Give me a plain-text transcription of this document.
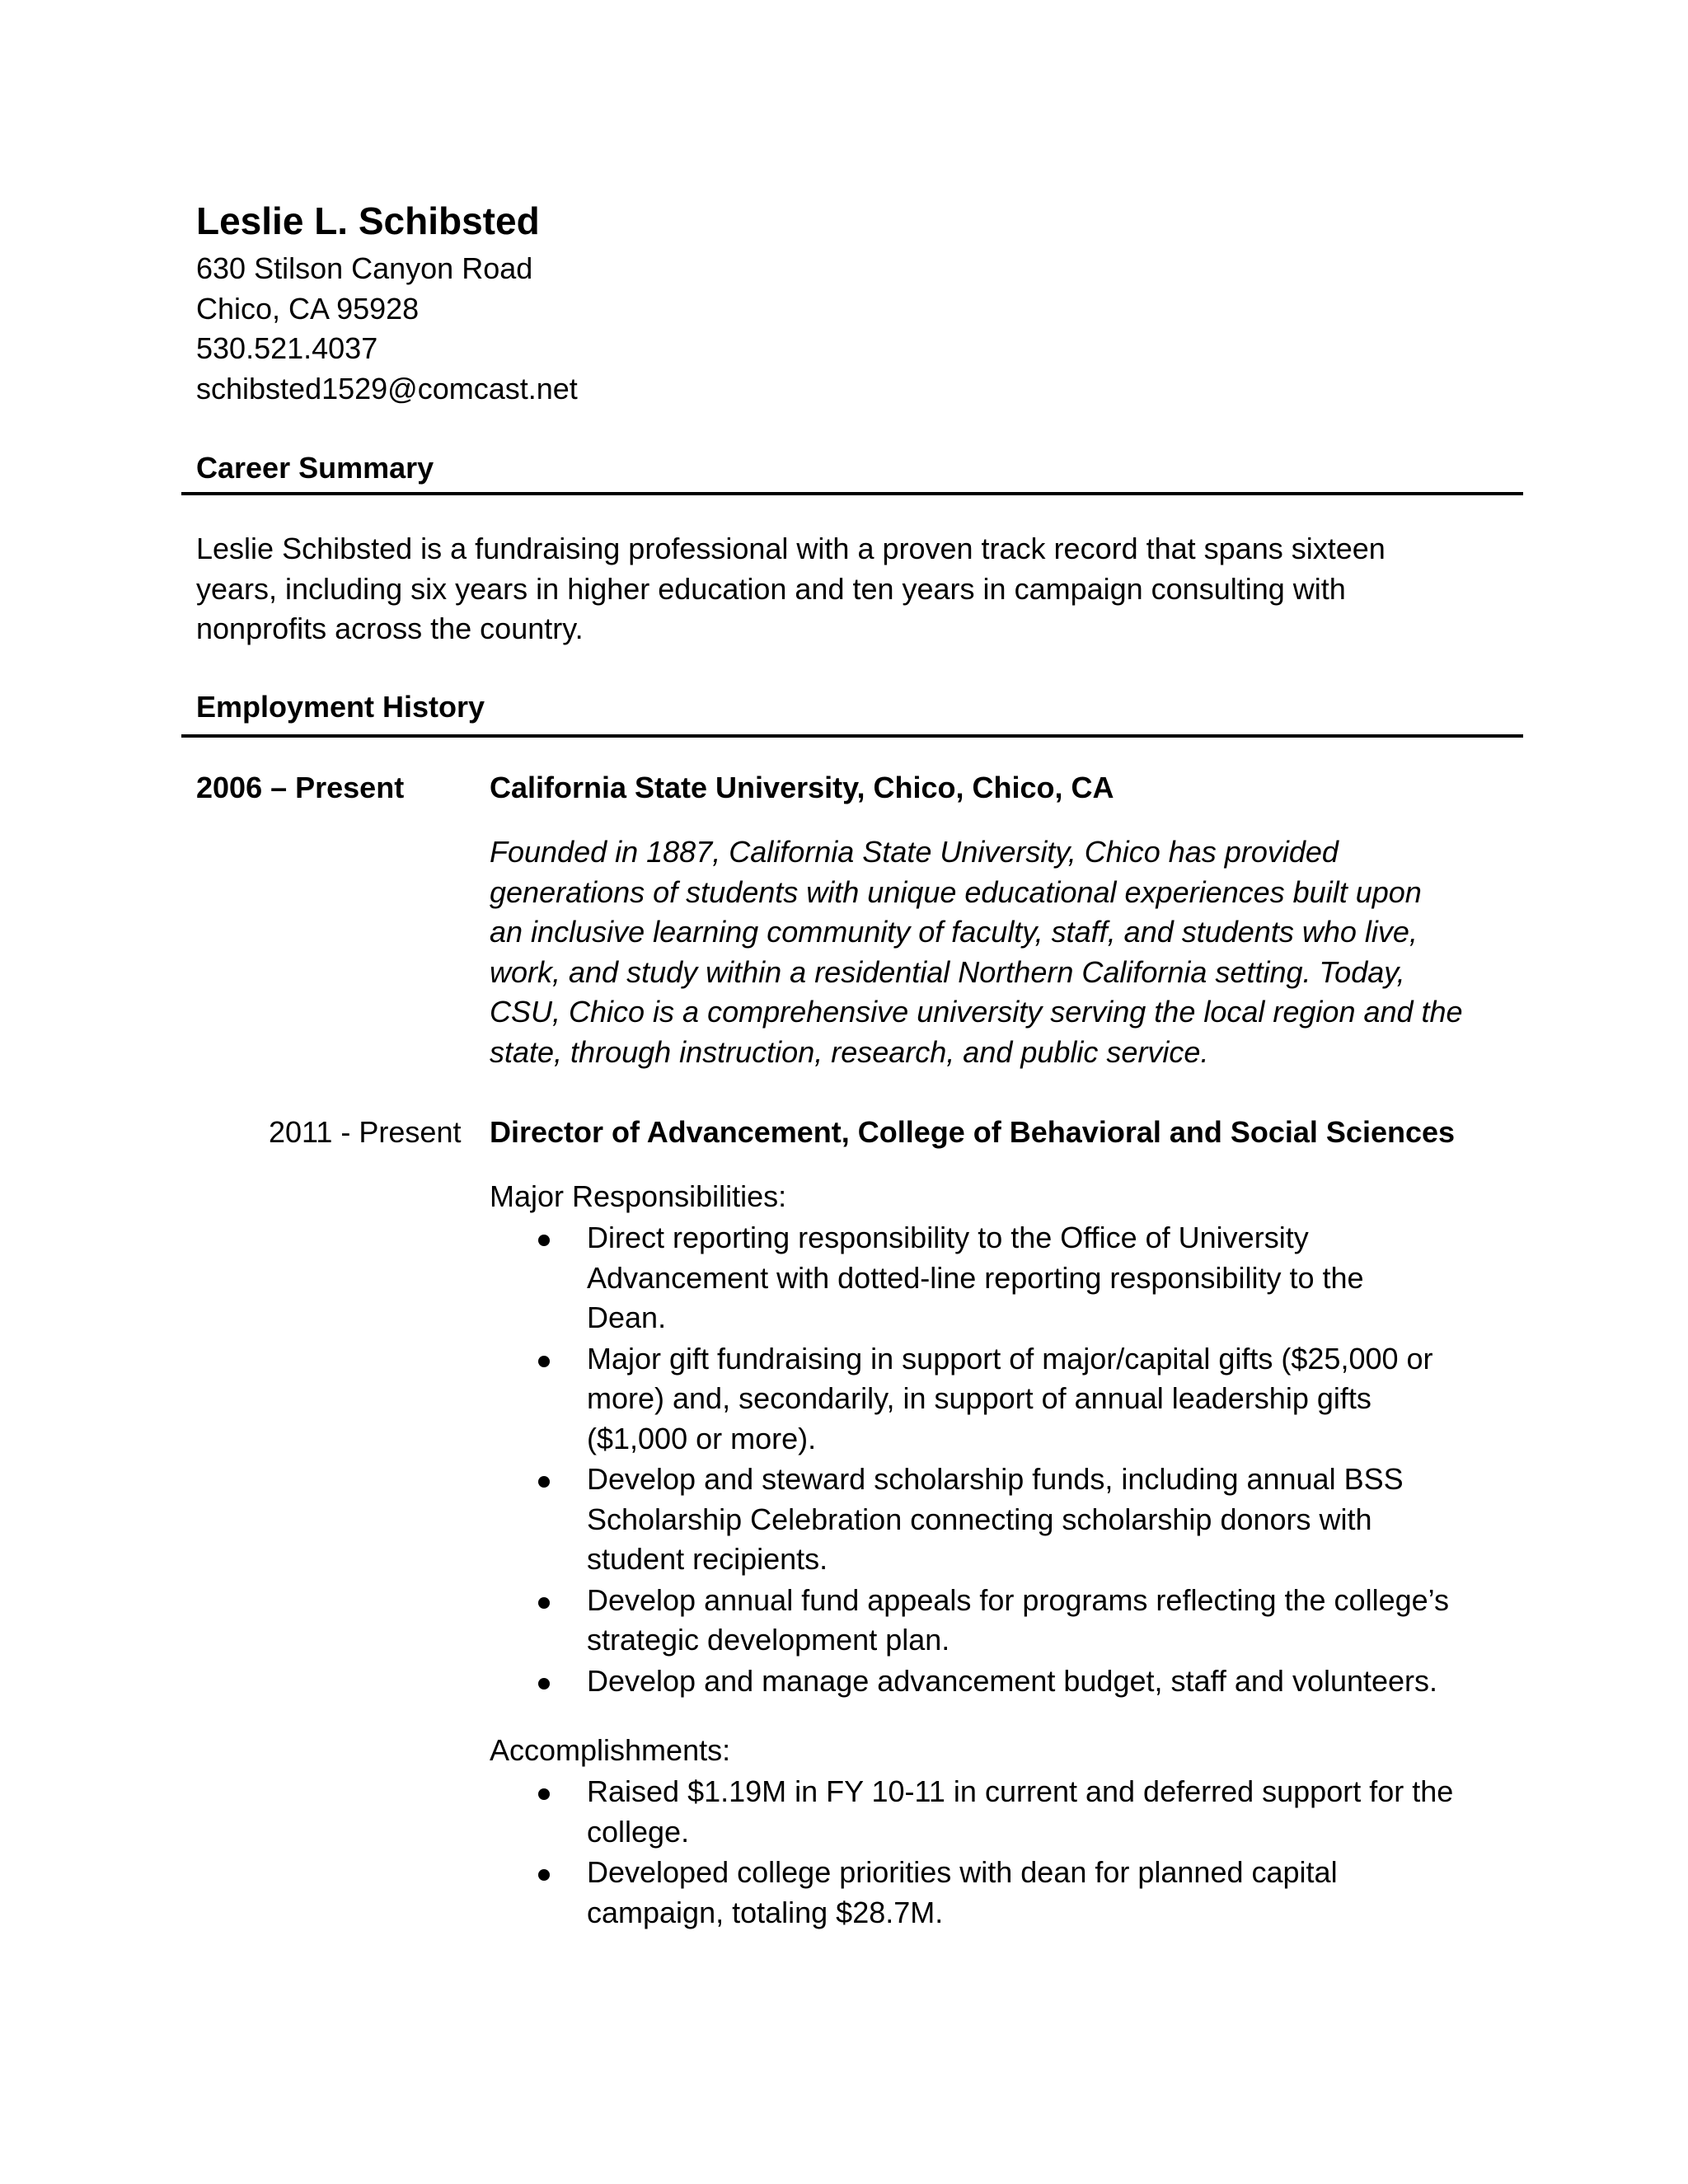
Leslie L. Schibsted
630 Stilson Canyon Road
Chico, CA 95928
530.521.4037
schibsted1529@comcast.net
Career Summary
Leslie Schibsted is a fundraising professional with a proven track record that spans sixteen
years, including six years in higher education and ten years in campaign consulting with
nonprofits across the country.
Employment History
2006 – Present	California State University, Chico, Chico, CA
Founded in 1887, California State University, Chico has provided
generations of students with unique educational experiences built upon
an inclusive learning community of faculty, staff, and students who live,
work, and study within a residential Northern California setting. Today,
CSU, Chico is a comprehensive university serving the local region and the
state, through instruction, research, and public service.
2011 - Present Director of Advancement, College of Behavioral and Social Sciences
Major Responsibilities:
Direct reporting responsibility to the Office of University
Advancement with dotted-line reporting responsibility to the
Dean.
Major gift fundraising in support of major/capital gifts ($25,000 or
more) and, secondarily, in support of annual leadership gifts
($1,000 or more).
Develop and steward scholarship funds, including annual BSS
Scholarship Celebration connecting scholarship donors with
student recipients.
Develop annual fund appeals for programs reflecting the college’s
strategic development plan.
Develop and manage advancement budget, staff and volunteers.
Accomplishments:
Raised $1.19M in FY 10-11 in current and deferred support for the
college.
Developed college priorities with dean for planned capital
campaign, totaling $28.7M.
